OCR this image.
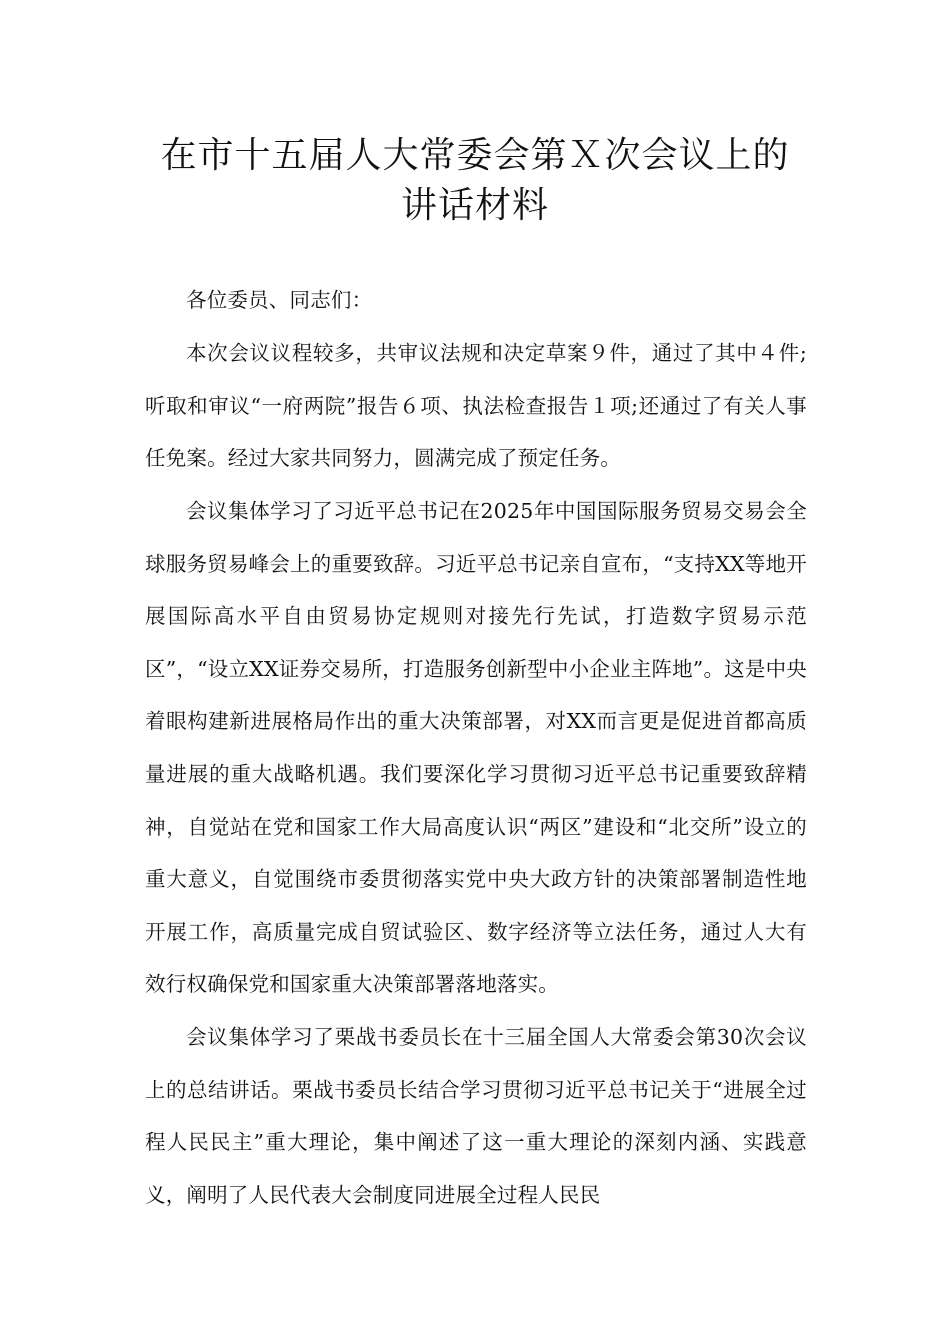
在市十五届人大常委会第Ｘ次会议上的
讲话材料

各位委员、同志们：

本次会议议程较多，共审议法规和决定草案９件，通过了其中４件;听取和审议“一府两院”报告６项、执法检查报告１项;还通过了有关人事任免案。经过大家共同努力，圆满完成了预定任务。

会议集体学习了习近平总书记在2025年中国国际服务贸易交易会全球服务贸易峰会上的重要致辞。习近平总书记亲自宣布，“支持XX等地开展国际高水平自由贸易协定规则对接先行先试，打造数字贸易示范区”，“设立XX证券交易所，打造服务创新型中小企业主阵地”。这是中央着眼构建新进展格局作出的重大决策部署，对XX而言更是促进首都高质量进展的重大战略机遇。我们要深化学习贯彻习近平总书记重要致辞精神，自觉站在党和国家工作大局高度认识“两区”建设和“北交所”设立的重大意义，自觉围绕市委贯彻落实党中央大政方针的决策部署制造性地开展工作，高质量完成自贸试验区、数字经济等立法任务，通过人大有效行权确保党和国家重大决策部署落地落实。

会议集体学习了栗战书委员长在十三届全国人大常委会第30次会议上的总结讲话。栗战书委员长结合学习贯彻习近平总书记关于“进展全过程人民民主”重大理论，集中阐述了这一重大理论的深刻内涵、实践意义，阐明了人民代表大会制度同进展全过程人民民
